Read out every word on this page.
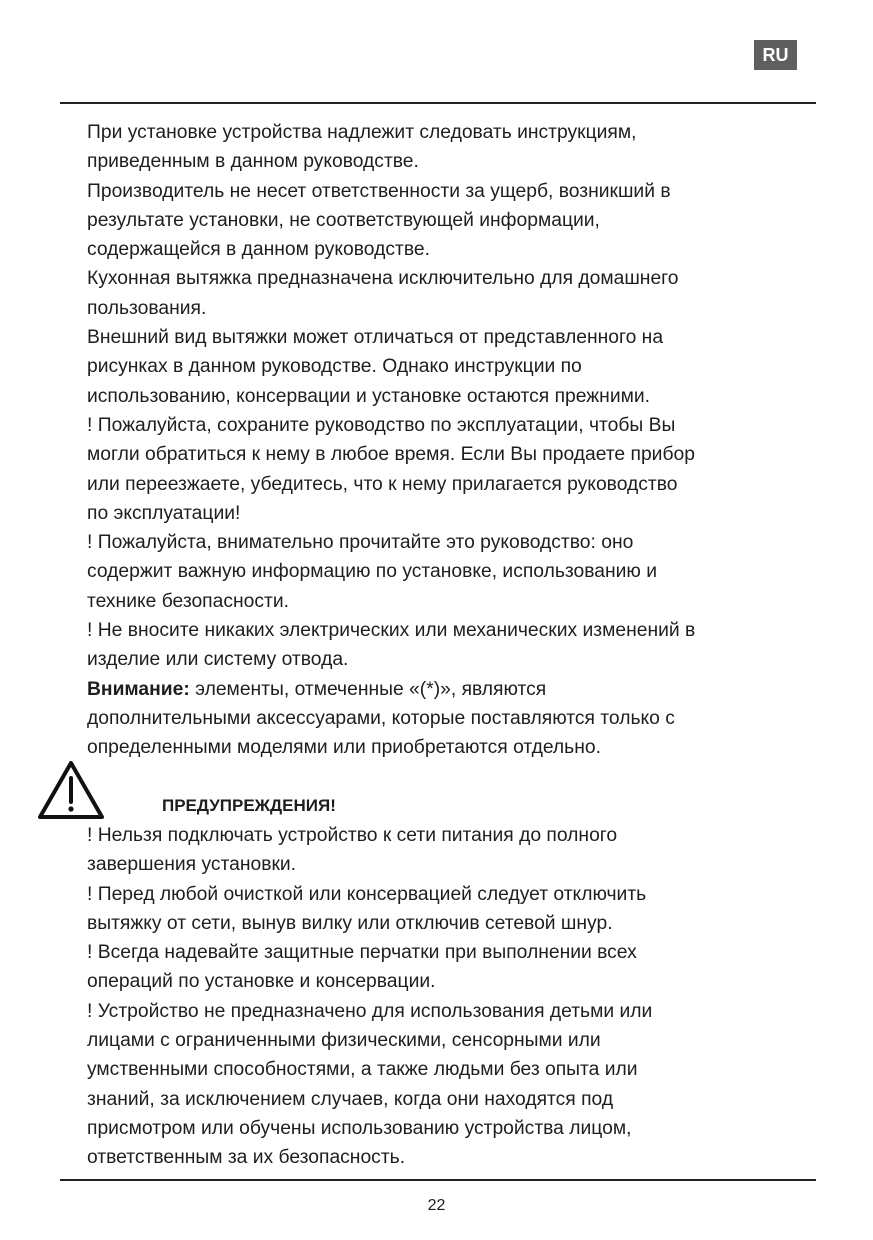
RU
При установке устройства надлежит следовать инструкциям,
приведенным в данном руководстве.
Производитель не несет ответственности за ущерб, возникший в
результате установки, не соответствующей информации,
содержащейся в данном руководстве.
Кухонная вытяжка предназначена исключительно для домашнего
пользования.
Внешний вид вытяжки может отличаться от представленного на
рисунках в данном руководстве. Однако инструкции по
использованию, консервации и установке остаются прежними.
! Пожалуйста, сохраните руководство по эксплуатации, чтобы Вы
могли обратиться к нему в любое время. Если Вы продаете прибор
или переезжаете, убедитесь, что к нему прилагается руководство
по эксплуатации!
! Пожалуйста, внимательно прочитайте это руководство: оно
содержит важную информацию по установке, использованию и
технике безопасности.
! Не вносите никаких электрических или механических изменений в
изделие или систему отвода.
Внимание: элементы, отмеченные «(*)», являются
дополнительными аксессуарами, которые поставляются только с
определенными моделями или приобретаются отдельно.
ПРЕДУПРЕЖДЕНИЯ!
! Нельзя подключать устройство к сети питания до полного
завершения установки.
! Перед любой очисткой или консервацией следует отключить
вытяжку от сети, вынув вилку или отключив сетевой шнур.
! Всегда надевайте защитные перчатки при выполнении всех
операций по установке и консервации.
! Устройство не предназначено для использования детьми или
лицами с ограниченными физическими, сенсорными или
умственными способностями, а также людьми без опыта или
знаний, за исключением случаев, когда они находятся под
присмотром или обучены использованию устройства лицом,
ответственным за их безопасность.
22
